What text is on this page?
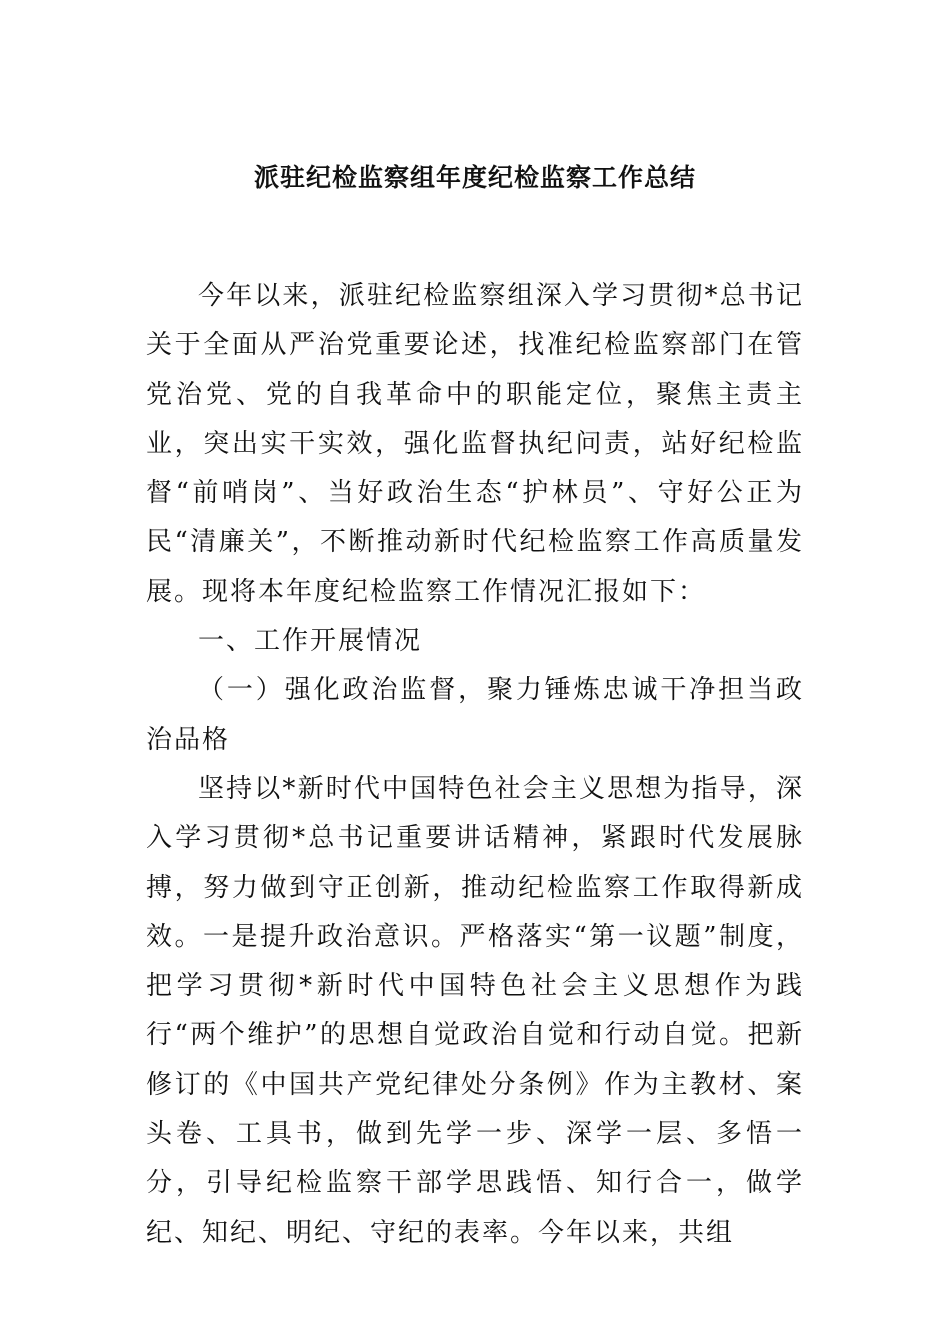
派驻纪检监察组年度纪检监察工作总结

今年以来，派驻纪检监察组深入学习贯彻*总书记关于全面从严治党重要论述，找准纪检监察部门在管党治党、党的自我革命中的职能定位，聚焦主责主业，突出实干实效，强化监督执纪问责，站好纪检监督“前哨岗”、当好政治生态“护林员”、守好公正为民“清廉关”，不断推动新时代纪检监察工作高质量发展。现将本年度纪检监察工作情况汇报如下：

一、工作开展情况

（一）强化政治监督，聚力锤炼忠诚干净担当政治品格

坚持以*新时代中国特色社会主义思想为指导，深入学习贯彻*总书记重要讲话精神，紧跟时代发展脉搏，努力做到守正创新，推动纪检监察工作取得新成效。一是提升政治意识。严格落实“第一议题”制度，把学习贯彻*新时代中国特色社会主义思想作为践行“两个维护”的思想自觉政治自觉和行动自觉。把新修订的《中国共产党纪律处分条例》作为主教材、案头卷、工具书，做到先学一步、深学一层、多悟一分，引导纪检监察干部学思践悟、知行合一，做学纪、知纪、明纪、守纪的表率。今年以来，共组
